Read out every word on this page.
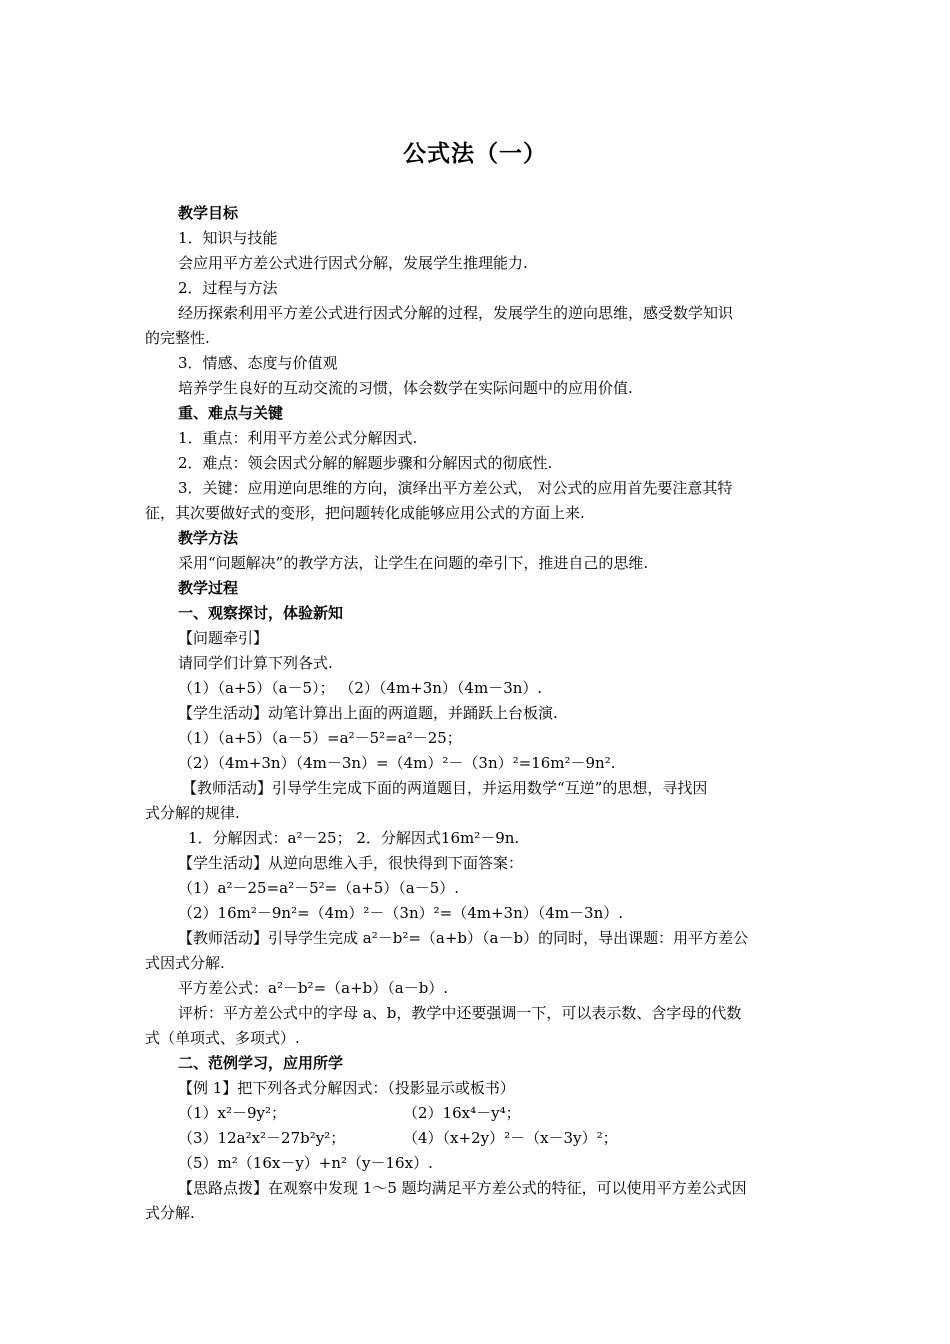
公式法（一）
教学目标
1．知识与技能
会应用平方差公式进行因式分解，发展学生推理能力.
2．过程与方法
经历探索利用平方差公式进行因式分解的过程，发展学生的逆向思维，感受数学知识
的完整性.
3．情感、态度与价值观
培养学生良好的互动交流的习惯，体会数学在实际问题中的应用价值.
重、难点与关键
1．重点：利用平方差公式分解因式.
2．难点：领会因式分解的解题步骤和分解因式的彻底性.
3．关键：应用逆向思维的方向，演绎出平方差公式， 对公式的应用首先要注意其特
征，其次要做好式的变形，把问题转化成能够应用公式的方面上来.
教学方法
采用“问题解决”的教学方法，让学生在问题的牵引下，推进自己的思维.
教学过程
一、观察探讨，体验新知
【问题牵引】
请同学们计算下列各式.
（1）（a+5）（a－5）； （2）（4m+3n）（4m－3n）.
【学生活动】动笔计算出上面的两道题，并踊跃上台板演.
（1）（a+5）（a－5）=a²－5²=a²－25；
（2）（4m+3n）（4m－3n）=（4m）²－（3n）²=16m²－9n².
【教师活动】引导学生完成下面的两道题目，并运用数学“互逆”的思想，寻找因
式分解的规律.
1．分解因式：a²－25； 2．分解因式16m²－9n.
【学生活动】从逆向思维入手，很快得到下面答案：
（1）a²－25=a²－5²=（a+5）（a－5）.
（2）16m²－9n²=（4m）²－（3n）²=（4m+3n）（4m－3n）.
【教师活动】引导学生完成 a²－b²=（a+b）（a－b）的同时，导出课题：用平方差公
式因式分解.
平方差公式：a²－b²=（a+b）（a－b）.
评析：平方差公式中的字母 a、b，教学中还要强调一下，可以表示数、含字母的代数
式（单项式、多项式）.
二、范例学习，应用所学
【例 1】把下列各式分解因式：（投影显示或板书）
（1）x²－9y²；	（2）16x⁴－y⁴；
（3）12a²x²－27b²y²；	（4）（x+2y）²－（x－3y）²；
（5）m²（16x－y）+n²（y－16x）.
【思路点拨】在观察中发现 1～5 题均满足平方差公式的特征，可以使用平方差公式因
式分解.
